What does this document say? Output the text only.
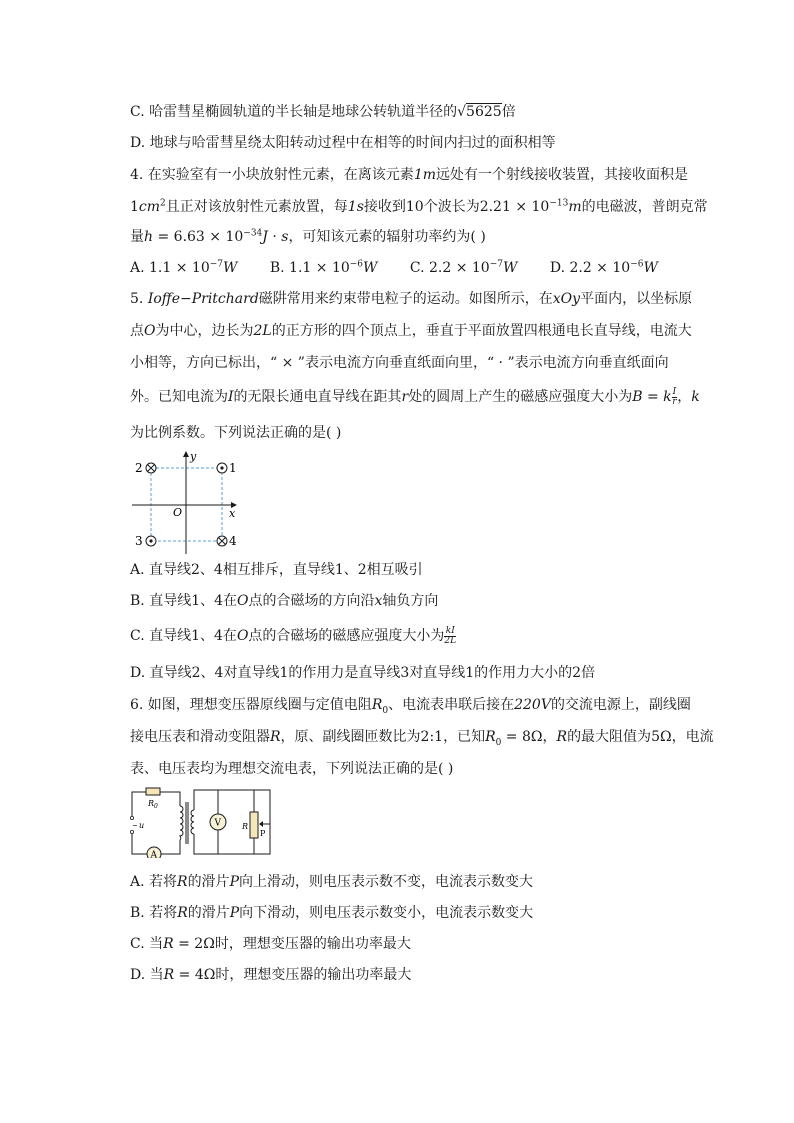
C. 哈雷彗星椭圆轨道的半长轴是地球公转轨道半径的√5625倍
D. 地球与哈雷彗星绕太阳转动过程中在相等的时间内扫过的面积相等
4. 在实验室有一小块放射性元素，在离该元素1m远处有一个射线接收装置，其接收面积是
$1cm^2$且正对该放射性元素放置，每1s接收到10个波长为$2.21 \times 10^{-13}m$的电磁波，普朗克常
量$h = 6.63 \times 10^{-34}J \cdot s$，可知该元素的辐射功率约为( )
A. $1.1 \times 10^{-7}W$ B. $1.1 \times 10^{-6}W$ C. $2.2 \times 10^{-7}W$ D. $2.2 \times 10^{-6}W$
5. Ioffe−Pritchard磁阱常用来约束带电粒子的运动。如图所示，在xOy平面内，以坐标原
点O为中心，边长为2L的正方形的四个顶点上，垂直于平面放置四根通电长直导线，电流大
小相等，方向已标出，“ × ”表示电流方向垂直纸面向里，“ · ”表示电流方向垂直纸面向
外。已知电流为I的无限长通电直导线在距其r处的圆周上产生的磁感应强度大小为B = k $\frac{I}{r}$ ，k
为比例系数。下列说法正确的是( )
y
x
O
2	1
3	4
A. 直导线2、4相互排斥，直导线1、2相互吸引
B. 直导线1、4在O点的合磁场的方向沿x轴负方向
C. 直导线1、4在O点的合磁场的磁感应强度大小为 $\frac{kI}{2L}$
D. 直导线2、4对直导线1的作用力是直导线3对直导线1的作用力大小的2倍
6. 如图，理想变压器原线圈与定值电阻$R_0$、电流表串联后接在220V的交流电源上，副线圈
接电压表和滑动变阻器R，原、副线圈匝数比为2:1，已知$R_0 = 8\Omega$，R的最大阻值为5Ω，电流
表、电压表均为理想交流电表，下列说法正确的是( )
~ u
$R_0$
A
V	R
P
A. 若将R的滑片P向上滑动，则电压表示数不变，电流表示数变大
B. 若将R的滑片P向下滑动，则电压表示数变小，电流表示数变大
C. 当R = 2Ω时，理想变压器的输出功率最大
D. 当R = 4Ω时，理想变压器的输出功率最大
